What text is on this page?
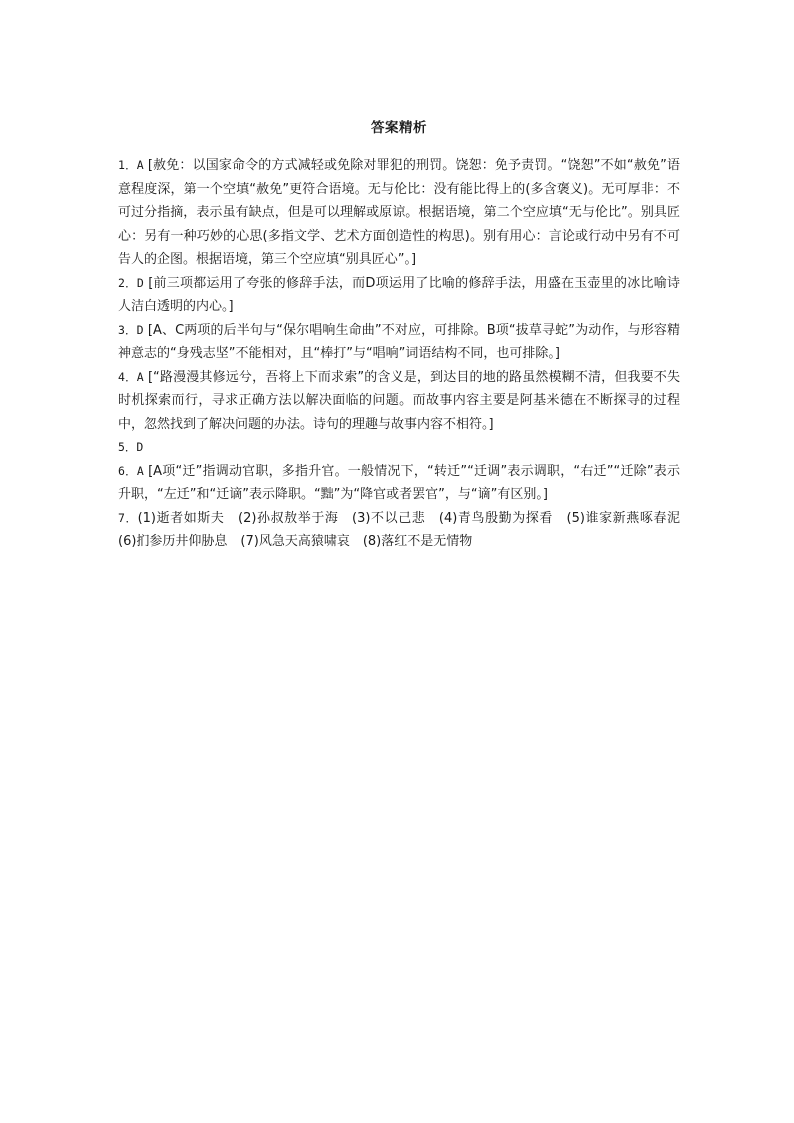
答案精析

1．A [赦免：以国家命令的方式减轻或免除对罪犯的刑罚。饶恕：免予责罚。“饶恕”不如“赦免”语意程度深，第一个空填“赦免”更符合语境。无与伦比：没有能比得上的(多含褒义)。无可厚非：不可过分指摘，表示虽有缺点，但是可以理解或原谅。根据语境，第二个空应填“无与伦比”。别具匠心：另有一种巧妙的心思(多指文学、艺术方面创造性的构思)。别有用心：言论或行动中另有不可告人的企图。根据语境，第三个空应填“别具匠心”。]

2．D [前三项都运用了夸张的修辞手法，而D项运用了比喻的修辞手法，用盛在玉壶里的冰比喻诗人洁白透明的内心。]

3．D [A、C两项的后半句与“保尔唱响生命曲”不对应，可排除。B项“拔草寻蛇”为动作，与形容精神意志的“身残志坚”不能相对，且“棒打”与“唱响”词语结构不同，也可排除。]

4．A [“路漫漫其修远兮，吾将上下而求索”的含义是，到达目的地的路虽然模糊不清，但我要不失时机探索而行，寻求正确方法以解决面临的问题。而故事内容主要是阿基米德在不断探寻的过程中，忽然找到了解决问题的办法。诗句的理趣与故事内容不相符。]

5．D

6．A [A项“迁”指调动官职，多指升官。一般情况下，“转迁”“迁调”表示调职，“右迁”“迁除”表示升职，“左迁”和“迁谪”表示降职。“黜”为“降官或者罢官”，与“谪”有区别。]

7．(1)逝者如斯夫　(2)孙叔敖举于海　(3)不以己悲　(4)青鸟殷勤为探看　(5)谁家新燕啄春泥　(6)扪参历井仰胁息　(7)风急天高猿啸哀　(8)落红不是无情物
